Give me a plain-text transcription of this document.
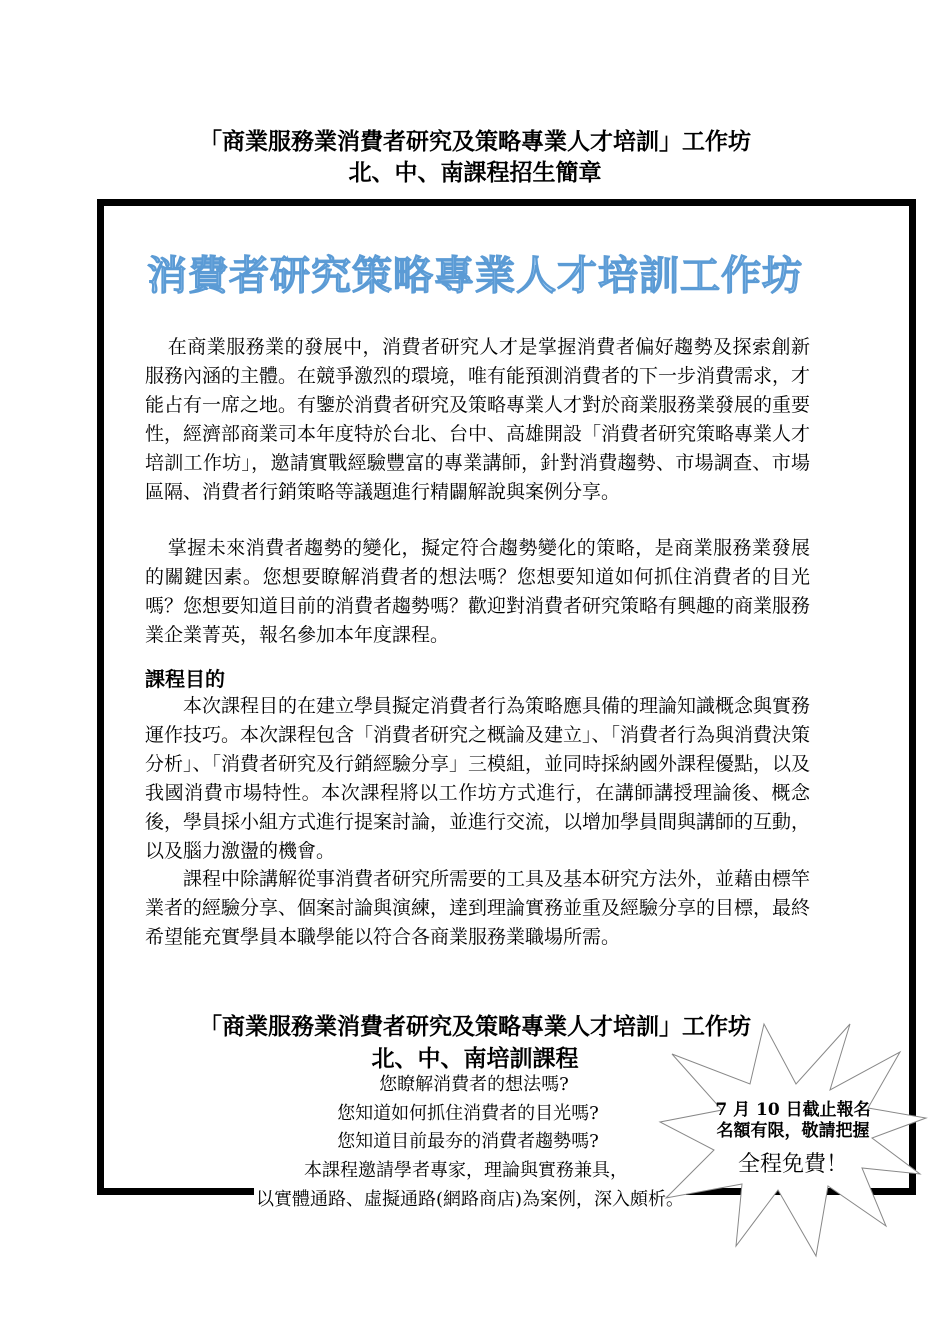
「商業服務業消費者研究及策略專業人才培訓」工作坊
北、中、南課程招生簡章
消費者研究策略專業人才培訓工作坊

在商業服務業的發展中，消費者研究人才是掌握消費者偏好趨勢及探索創新服務內涵的主體。在競爭激烈的環境，唯有能預測消費者的下一步消費需求，才能占有一席之地。有鑒於消費者研究及策略專業人才對於商業服務業發展的重要性，經濟部商業司本年度特於台北、台中、高雄開設「消費者研究策略專業人才培訓工作坊」，邀請實戰經驗豐富的專業講師，針對消費趨勢、市場調查、市場區隔、消費者行銷策略等議題進行精闢解說與案例分享。

掌握未來消費者趨勢的變化，擬定符合趨勢變化的策略，是商業服務業發展的關鍵因素。您想要瞭解消費者的想法嗎？您想要知道如何抓住消費者的目光嗎？您想要知道目前的消費者趨勢嗎？歡迎對消費者研究策略有興趣的商業服務業企業菁英，報名參加本年度課程。

課程目的

本次課程目的在建立學員擬定消費者行為策略應具備的理論知識概念與實務運作技巧。本次課程包含「消費者研究之概論及建立」、「消費者行為與消費決策分析」、「消費者研究及行銷經驗分享」三模組，並同時採納國外課程優點，以及我國消費市場特性。本次課程將以工作坊方式進行，在講師講授理論後、概念後，學員採小組方式進行提案討論，並進行交流，以增加學員間與講師的互動，以及腦力激盪的機會。

課程中除講解從事消費者研究所需要的工具及基本研究方法外，並藉由標竿業者的經驗分享、個案討論與演練，達到理論實務並重及經驗分享的目標，最終希望能充實學員本職學能以符合各商業服務業職場所需。

「商業服務業消費者研究及策略專業人才培訓」工作坊
北、中、南培訓課程
您瞭解消費者的想法嗎?
您知道如何抓住消費者的目光嗎?
您知道目前最夯的消費者趨勢嗎?
本課程邀請學者專家，理論與實務兼具，
以實體通路、虛擬通路(網路商店)為案例，深入頗析。
7 月 10 日截止報名
名額有限，敬請把握
全程免費！
